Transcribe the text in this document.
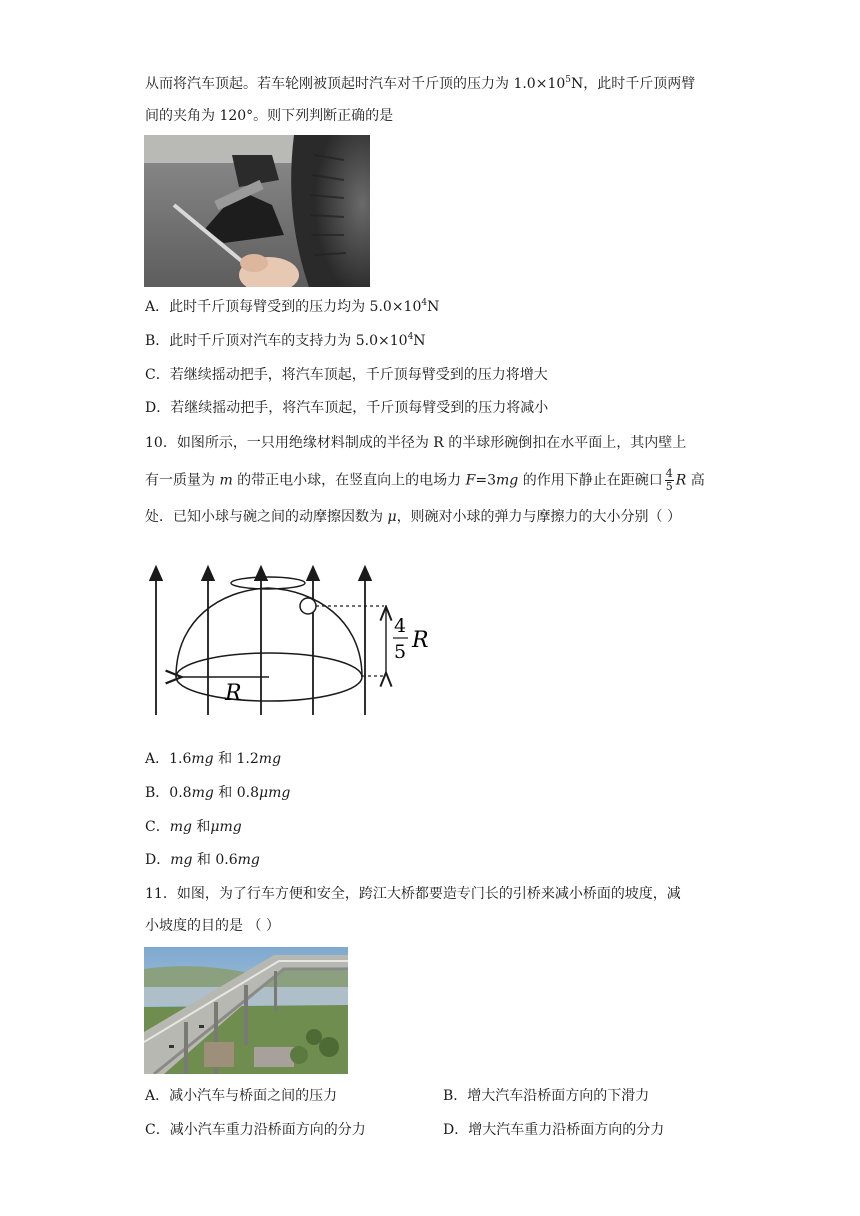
从而将汽车顶起。若车轮刚被顶起时汽车对千斤顶的压力为 $1.0\times 10^5N$，此时千斤顶两臂
间的夹角为 120°。则下列判断正确的是
A．此时千斤顶每臂受到的压力均为 $5.0\times 10^4N$
B．此时千斤顶对汽车的支持力为 $5.0\times 10^4N$
C．若继续摇动把手，将汽车顶起，千斤顶每臂受到的压力将增大
D．若继续摇动把手，将汽车顶起，千斤顶每臂受到的压力将减小
10．如图所示，一只用绝缘材料制成的半径为 R 的半球形碗倒扣在水平面上，其内壁上
有一质量为 m 的带正电小球，在竖直向上的电场力 F=3mg 的作用下静止在距碗口 $\frac{4}{5}$ R 高
处．已知小球与碗之间的动摩擦因数为 μ，则碗对小球的弹力与摩擦力的大小分别（ ）
R
4
5 R
A．1.6mg 和 1.2mg
B．0.8mg 和 0.8μmg
C．mg 和μmg
D．mg 和 0.6mg
11．如图，为了行车方便和安全，跨江大桥都要造专门长的引桥来减小桥面的坡度，减
小坡度的目的是 （ ）
A．减小汽车与桥面之间的压力	B．增大汽车沿桥面方向的下滑力
C．减小汽车重力沿桥面方向的分力	D．增大汽车重力沿桥面方向的分力
